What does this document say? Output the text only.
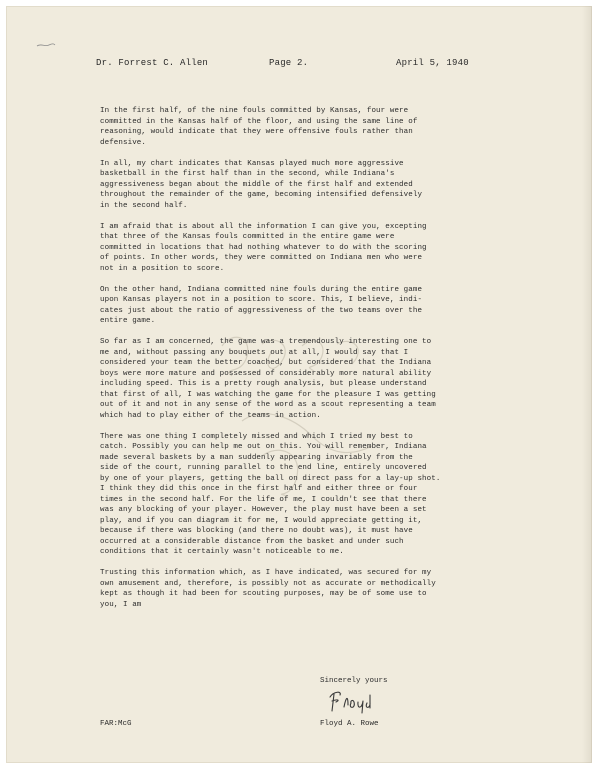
Dr. Forrest C. Allen	Page 2.	April 5, 1940

In the first half, of the nine fouls committed by Kansas, four were
committed in the Kansas half of the floor, and using the same line of
reasoning, would indicate that they were offensive fouls rather than
defensive.

In all, my chart indicates that Kansas played much more aggressive
basketball in the first half than in the second, while Indiana's
aggressiveness began about the middle of the first half and extended
throughout the remainder of the game, becoming intensified defensively
in the second half.

I am afraid that is about all the information I can give you, excepting
that three of the Kansas fouls committed in the entire game were
committed in locations that had nothing whatever to do with the scoring
of points. In other words, they were committed on Indiana men who were
not in a position to score.

On the other hand, Indiana committed nine fouls during the entire game
upon Kansas players not in a position to score. This, I believe, indi-
cates just about the ratio of aggressiveness of the two teams over the
entire game.

So far as I am concerned, the game was a tremendously interesting one to
me and, without passing any bouquets out at all, I would say that I
considered your team the better coached, but considered that the Indiana
boys were more mature and possessed of considerably more natural ability
including speed. This is a pretty rough analysis, but please understand
that first of all, I was watching the game for the pleasure I was getting
out of it and not in any sense of the word as a scout representing a team
which had to play either of the teams in action.

There was one thing I completely missed and which I tried my best to
catch. Possibly you can help me out on this. You will remember, Indiana
made several baskets by a man suddenly appearing invariably from the
side of the court, running parallel to the end line, entirely uncovered
by one of your players, getting the ball on direct pass for a lay-up shot.
I think they did this once in the first half and either three or four
times in the second half. For the life of me, I couldn't see that there
was any blocking of your player. However, the play must have been a set
play, and if you can diagram it for me, I would appreciate getting it,
because if there was blocking (and there no doubt was), it must have
occurred at a considerable distance from the basket and under such
conditions that it certainly wasn't noticeable to me.

Trusting this information which, as I have indicated, was secured for my
own amusement and, therefore, is possibly not as accurate or methodically
kept as though it had been for scouting purposes, may be of some use to
you, I am

Sincerely yours
FAR:McG	Floyd A. Rowe
